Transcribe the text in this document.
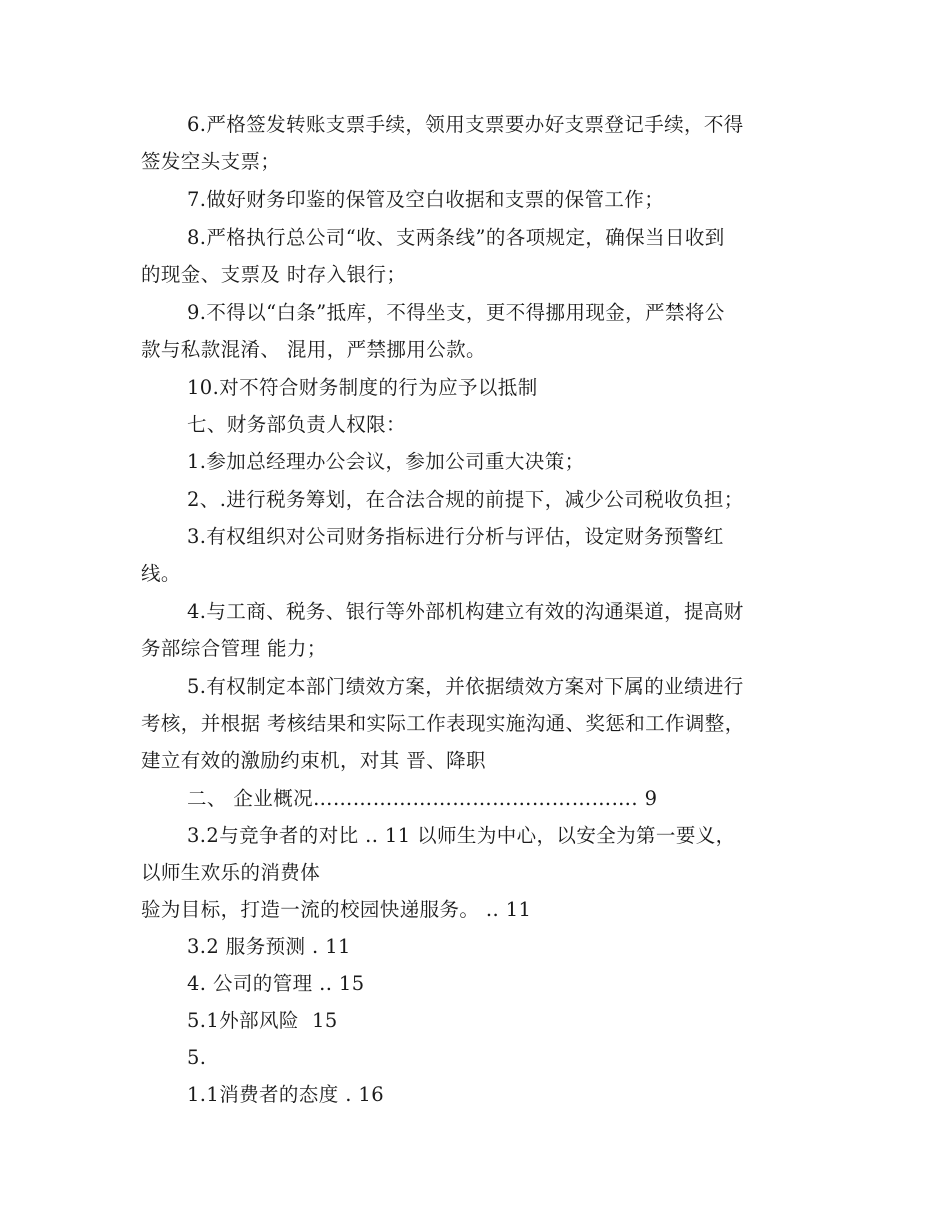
6.严格签发转账支票手续，领用支票要办好支票登记手续，不得
签发空头支票；
7.做好财务印鉴的保管及空白收据和支票的保管工作；
8.严格执行总公司“收、支两条线”的各项规定，确保当日收到
的现金、支票及 时存入银行；
9.不得以“白条”抵库，不得坐支，更不得挪用现金，严禁将公
款与私款混淆、 混用，严禁挪用公款。
10.对不符合财务制度的行为应予以抵制
七、财务部负责人权限：
1.参加总经理办公会议，参加公司重大决策；
2、.进行税务筹划，在合法合规的前提下，减少公司税收负担；
3.有权组织对公司财务指标进行分析与评估，设定财务预警红
线。
4.与工商、税务、银行等外部机构建立有效的沟通渠道，提高财
务部综合管理 能力；
5.有权制定本部门绩效方案，并依据绩效方案对下属的业绩进行
考核，并根据 考核结果和实际工作表现实施沟通、奖惩和工作调整，
建立有效的激励约束机，对其 晋、降职
二、 企业概况…………………………………………. 9
3.2与竞争者的对比 .. 11 以师生为中心，以安全为第一要义，
以师生欢乐的消费体
验为目标，打造一流的校园快递服务。 .. 11
3.2 服务预测 . 11
4. 公司的管理 .. 15
5.1外部风险  15
5.
1.1消费者的态度 . 16
